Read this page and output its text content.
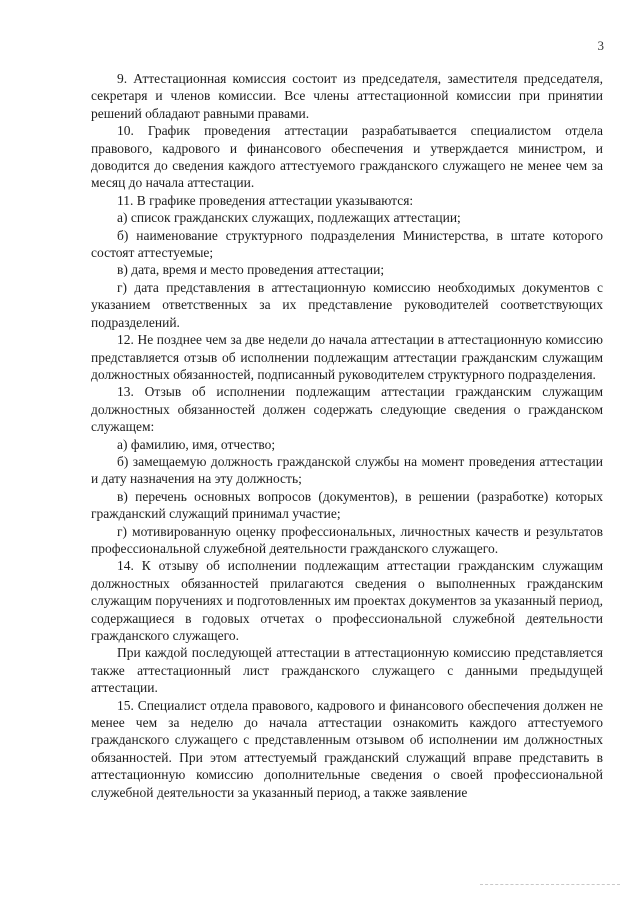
3

9. Аттестационная комиссия состоит из председателя, заместителя председателя, секретаря и членов комиссии. Все члены аттестационной комиссии при принятии решений обладают равными правами.

10. График проведения аттестации разрабатывается специалистом отдела правового, кадрового и финансового обеспечения и утверждается министром, и доводится до сведения каждого аттестуемого гражданского служащего не менее чем за месяц до начала аттестации.

11. В графике проведения аттестации указываются:

а) список гражданских служащих, подлежащих аттестации;

б) наименование структурного подразделения Министерства, в штате которого состоят аттестуемые;

в) дата, время и место проведения аттестации;

г) дата представления в аттестационную комиссию необходимых документов с указанием ответственных за их представление руководителей соответствующих подразделений.

12. Не позднее чем за две недели до начала аттестации в аттестационную комиссию представляется отзыв об исполнении подлежащим аттестации гражданским служащим должностных обязанностей, подписанный руководителем структурного подразделения.

13. Отзыв об исполнении подлежащим аттестации гражданским служащим должностных обязанностей должен содержать следующие сведения о гражданском служащем:

а) фамилию, имя, отчество;

б) замещаемую должность гражданской службы на момент проведения аттестации и дату назначения на эту должность;

в) перечень основных вопросов (документов), в решении (разработке) которых гражданский служащий принимал участие;

г) мотивированную оценку профессиональных, личностных качеств и результатов профессиональной служебной деятельности гражданского служащего.

14. К отзыву об исполнении подлежащим аттестации гражданским служащим должностных обязанностей прилагаются сведения о выполненных гражданским служащим поручениях и подготовленных им проектах документов за указанный период, содержащиеся в годовых отчетах о профессиональной служебной деятельности гражданского служащего.

При каждой последующей аттестации в аттестационную комиссию представляется также аттестационный лист гражданского служащего с данными предыдущей аттестации.

15. Специалист отдела правового, кадрового и финансового обеспечения должен не менее чем за неделю до начала аттестации ознакомить каждого аттестуемого гражданского служащего с представленным отзывом об исполнении им должностных обязанностей. При этом аттестуемый гражданский служащий вправе представить в аттестационную комиссию дополнительные сведения о своей профессиональной служебной деятельности за указанный период, а также заявление
